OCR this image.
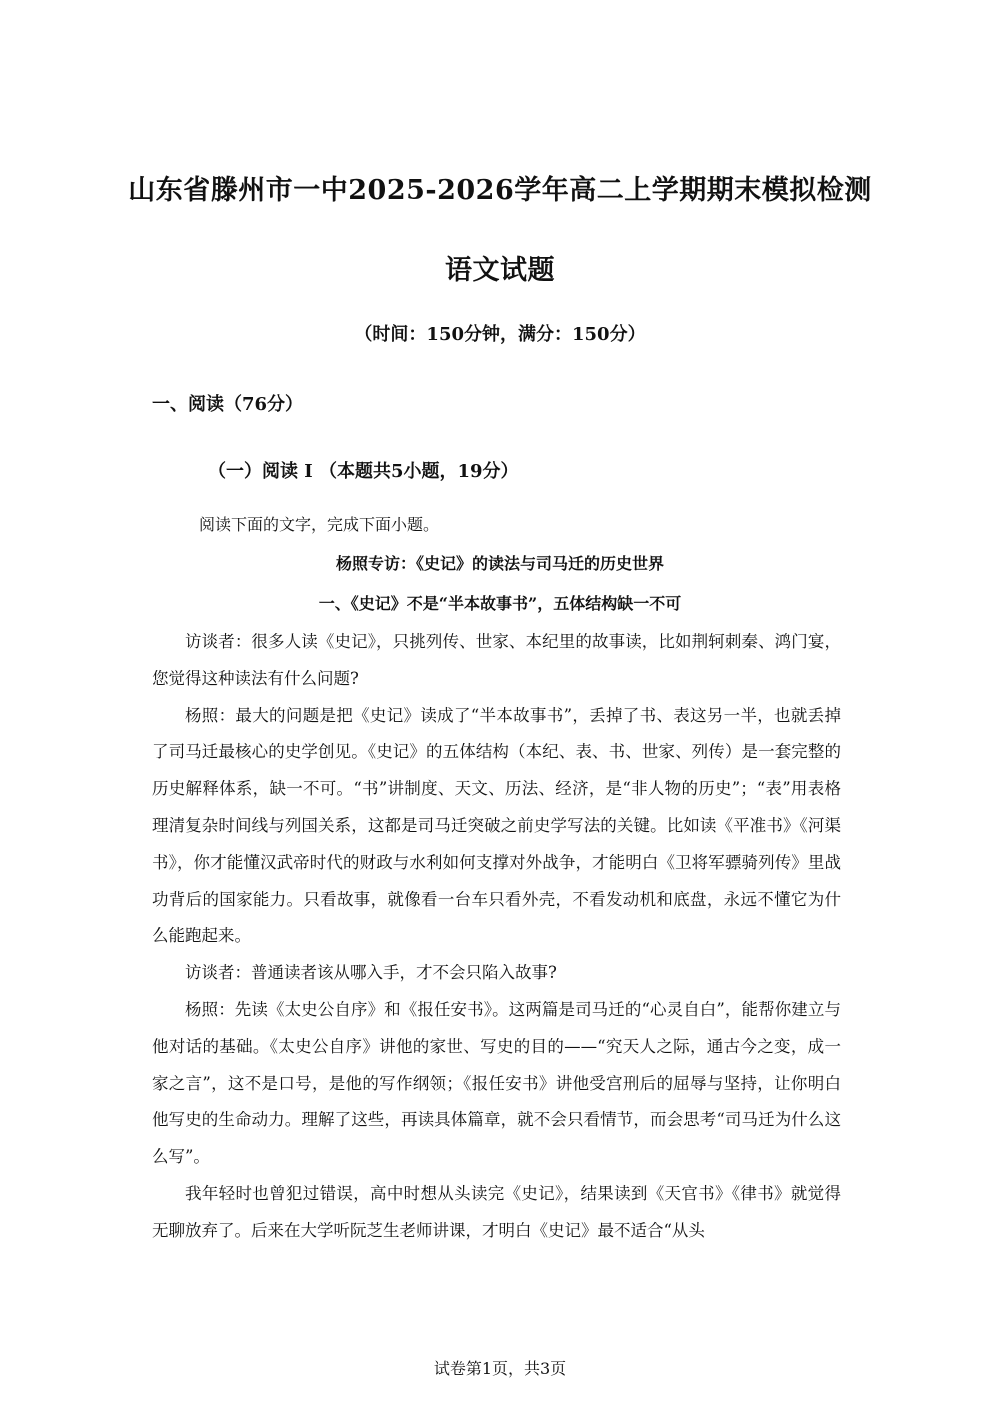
山东省滕州市一中2025-2026学年高二上学期期末模拟检测
语文试题
（时间：150分钟，满分：150分）
一、阅读（76分）
（一）阅读 I （本题共5小题，19分）
阅读下面的文字，完成下面小题。
杨照专访：《史记》的读法与司马迁的历史世界
一、《史记》不是“半本故事书”，五体结构缺一不可

访谈者：很多人读《史记》，只挑列传、世家、本纪里的故事读，比如荆轲刺秦、鸿门宴，您觉得这种读法有什么问题?

杨照：最大的问题是把《史记》读成了“半本故事书”，丢掉了书、表这另一半，也就丢掉了司马迁最核心的史学创见。《史记》的五体结构（本纪、表、书、世家、列传）是一套完整的历史解释体系，缺一不可。“书”讲制度、天文、历法、经济，是“非人物的历史”；“表”用表格理清复杂时间线与列国关系，这都是司马迁突破之前史学写法的关键。比如读《平准书》《河渠书》，你才能懂汉武帝时代的财政与水利如何支撑对外战争，才能明白《卫将军骠骑列传》里战功背后的国家能力。只看故事，就像看一台车只看外壳，不看发动机和底盘，永远不懂它为什么能跑起来。

访谈者：普通读者该从哪入手，才不会只陷入故事?

杨照：先读《太史公自序》和《报任安书》。这两篇是司马迁的“心灵自白”，能帮你建立与他对话的基础。《太史公自序》讲他的家世、写史的目的——“究天人之际，通古今之变，成一家之言”，这不是口号，是他的写作纲领；《报任安书》讲他受宫刑后的屈辱与坚持，让你明白他写史的生命动力。理解了这些，再读具体篇章，就不会只看情节，而会思考“司马迁为什么这么写”。

我年轻时也曾犯过错误，高中时想从头读完《史记》，结果读到《天官书》《律书》就觉得无聊放弃了。后来在大学听阮芝生老师讲课，才明白《史记》最不适合“从头

试卷第1页，共3页
